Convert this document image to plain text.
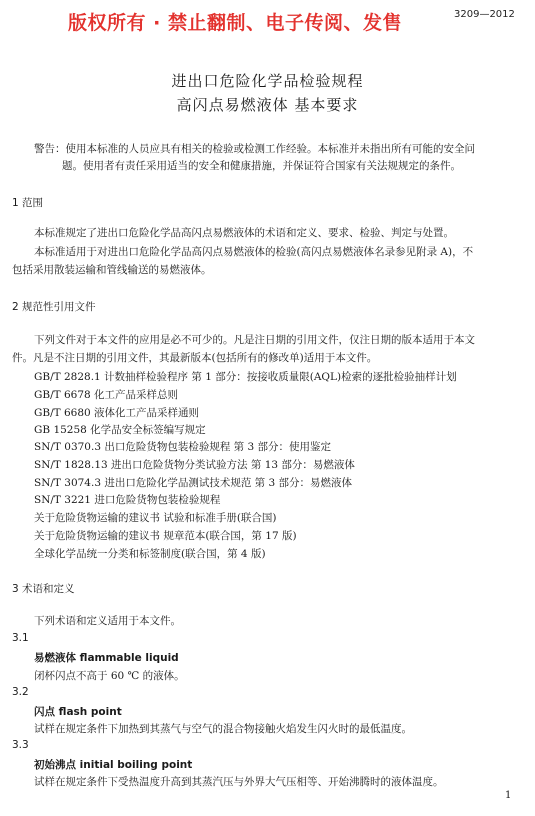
版权所有 · 禁止翻制、电子传阅、发售	3209—2012
进出口危险化学品检验规程
高闪点易燃液体 基本要求
警告：使用本标准的人员应具有相关的检验或检测工作经验。本标准并未指出所有可能的安全问
题。使用者有责任采用适当的安全和健康措施，并保证符合国家有关法规规定的条件。
1 范围
本标准规定了进出口危险化学品高闪点易燃液体的术语和定义、要求、检验、判定与处置。
本标准适用于对进出口危险化学品高闪点易燃液体的检验(高闪点易燃液体名录参见附录 A)，不
包括采用散装运输和管线输送的易燃液体。
2 规范性引用文件
下列文件对于本文件的应用是必不可少的。凡是注日期的引用文件，仅注日期的版本适用于本文
件。凡是不注日期的引用文件，其最新版本(包括所有的修改单)适用于本文件。
GB/T 2828.1 计数抽样检验程序 第 1 部分：按接收质量限(AQL)检索的逐批检验抽样计划
GB/T 6678 化工产品采样总则
GB/T 6680 液体化工产品采样通则
GB 15258 化学品安全标签编写规定
SN/T 0370.3 出口危险货物包装检验规程 第 3 部分：使用鉴定
SN/T 1828.13 进出口危险货物分类试验方法 第 13 部分：易燃液体
SN/T 3074.3 进出口危险化学品测试技术规范 第 3 部分：易燃液体
SN/T 3221 进口危险货物包装检验规程
关于危险货物运输的建议书 试验和标准手册(联合国)
关于危险货物运输的建议书 规章范本(联合国，第 17 版)
全球化学品统一分类和标签制度(联合国，第 4 版)
3 术语和定义
下列术语和定义适用于本文件。
3.1
易燃液体 flammable liquid
闭杯闪点不高于 60 ℃ 的液体。
3.2
闪点 flash point
试样在规定条件下加热到其蒸气与空气的混合物接触火焰发生闪火时的最低温度。
3.3
初始沸点 initial boiling point
试样在规定条件下受热温度升高到其蒸汽压与外界大气压相等、开始沸腾时的液体温度。
1
